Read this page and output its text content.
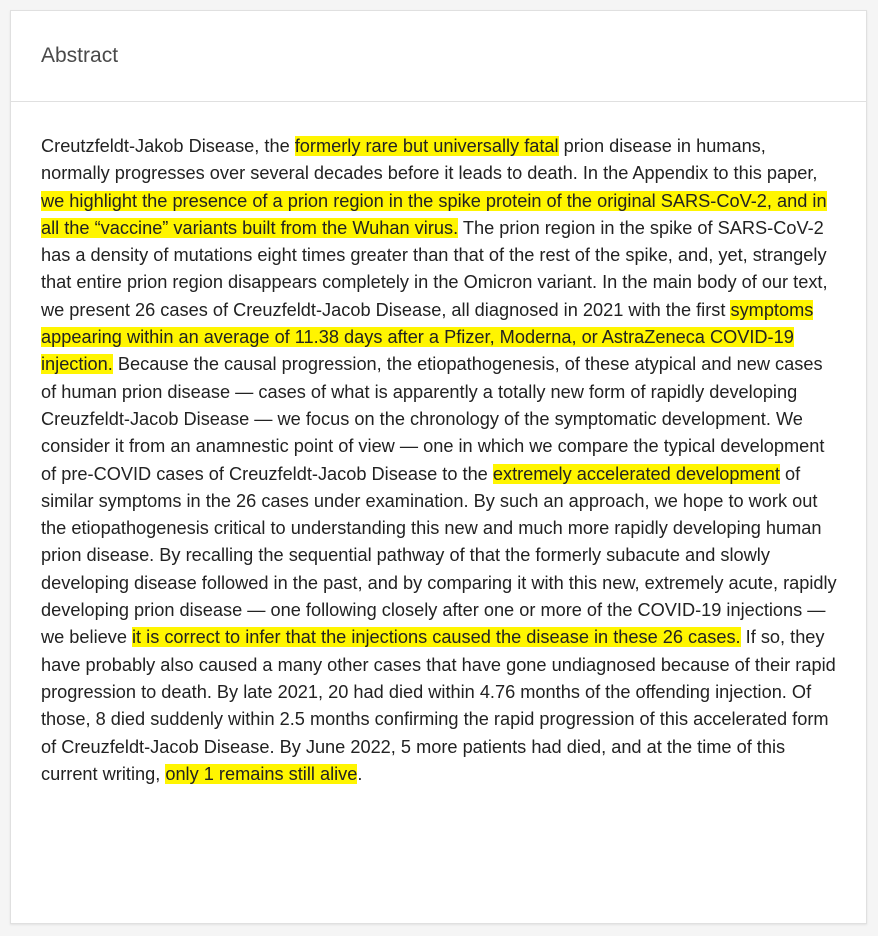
Abstract

Creutzfeldt-Jakob Disease, the formerly rare but universally fatal prion disease in humans, normally progresses over several decades before it leads to death. In the Appendix to this paper, we highlight the presence of a prion region in the spike protein of the original SARS-CoV-2, and in all the “vaccine” variants built from the Wuhan virus. The prion region in the spike of SARS-CoV-2 has a density of mutations eight times greater than that of the rest of the spike, and, yet, strangely that entire prion region disappears completely in the Omicron variant. In the main body of our text, we present 26 cases of Creuzfeldt-Jacob Disease, all diagnosed in 2021 with the first symptoms appearing within an average of 11.38 days after a Pfizer, Moderna, or AstraZeneca COVID-19 injection. Because the causal progression, the etiopathogenesis, of these atypical and new cases of human prion disease — cases of what is apparently a totally new form of rapidly developing Creuzfeldt-Jacob Disease — we focus on the chronology of the symptomatic development. We consider it from an anamnestic point of view — one in which we compare the typical development of pre-COVID cases of Creuzfeldt-Jacob Disease to the extremely accelerated development of similar symptoms in the 26 cases under examination. By such an approach, we hope to work out the etiopathogenesis critical to understanding this new and much more rapidly developing human prion disease. By recalling the sequential pathway of that the formerly subacute and slowly developing disease followed in the past, and by comparing it with this new, extremely acute, rapidly developing prion disease — one following closely after one or more of the COVID-19 injections — we believe it is correct to infer that the injections caused the disease in these 26 cases. If so, they have probably also caused a many other cases that have gone undiagnosed because of their rapid progression to death. By late 2021, 20 had died within 4.76 months of the offending injection. Of those, 8 died suddenly within 2.5 months confirming the rapid progression of this accelerated form of Creuzfeldt-Jacob Disease. By June 2022, 5 more patients had died, and at the time of this current writing, only 1 remains still alive.
